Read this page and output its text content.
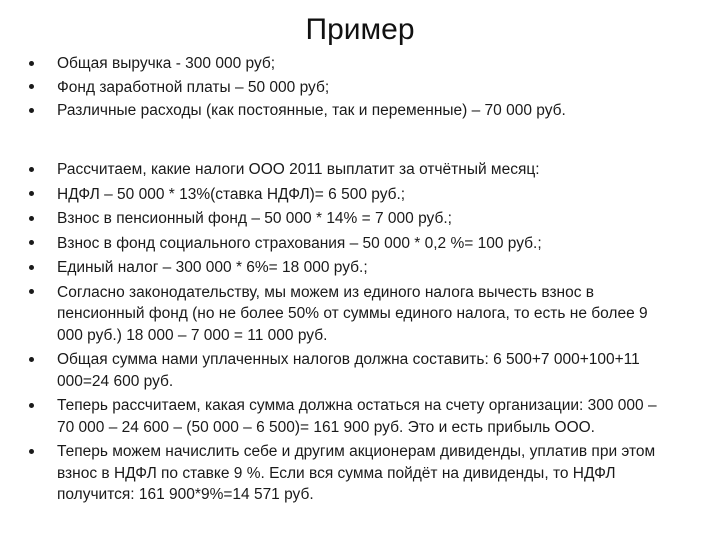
Пример
Общая выручка - 300 000 руб;
Фонд заработной платы – 50 000 руб;
Различные расходы (как постоянные, так и переменные) – 70 000 руб.
Рассчитаем, какие налоги ООО 2011 выплатит за отчётный месяц:
НДФЛ – 50 000 * 13%(ставка НДФЛ)= 6 500 руб.;
Взнос в пенсионный фонд – 50 000 * 14% = 7 000 руб.;
Взнос в фонд социального страхования – 50 000 * 0,2 %= 100 руб.;
Единый налог – 300 000 * 6%= 18 000 руб.;
Согласно законодательству, мы можем из единого налога вычесть взнос в пенсионный фонд (но не более 50% от суммы единого налога, то есть не более 9 000 руб.) 18 000 – 7 000 = 11 000 руб.
Общая сумма нами уплаченных налогов должна составить: 6 500+7 000+100+11 000=24 600 руб.
Теперь рассчитаем, какая сумма должна остаться на счету организации: 300 000 – 70 000 – 24 600 – (50 000 – 6 500)= 161 900 руб. Это и есть прибыль ООО.
Теперь можем начислить себе и другим акционерам дивиденды, уплатив при этом взнос в НДФЛ по ставке 9 %. Если вся сумма пойдёт на дивиденды, то НДФЛ получится: 161 900*9%=14 571 руб.
